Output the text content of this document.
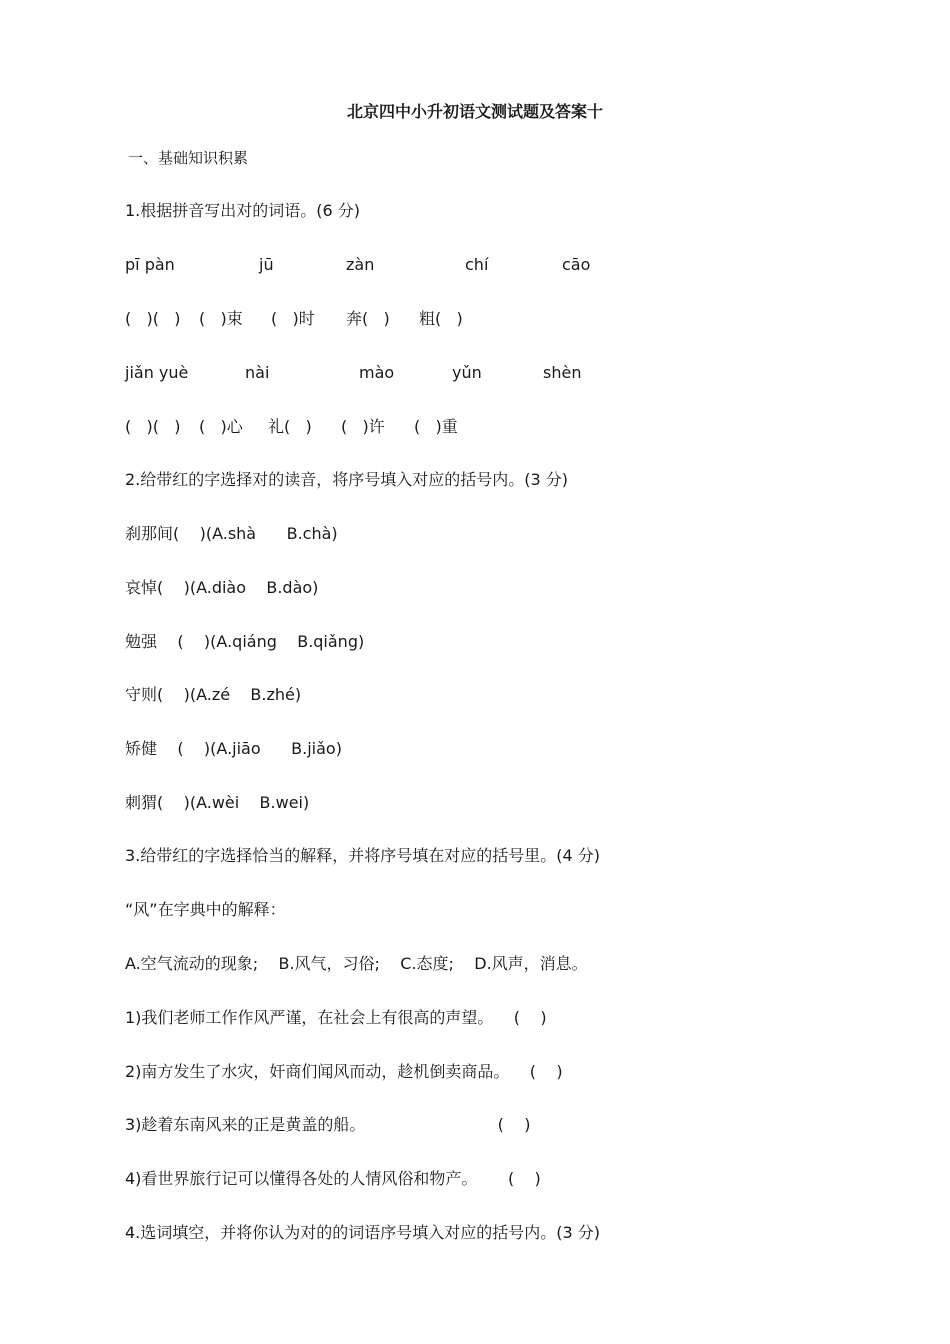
北京四中小升初语文测试题及答案十
一、基础知识积累
1.根据拼音写出对的词语。(6 分)
pī pàn	jū	zàn	chí	cāo
(   )(   ) (   )束 (   )时 奔(   ) 粗(   )
jiǎn yuè	nài	mào	yǔn	shèn
(   )(   ) (   )心 礼(   ) (   )许 (   )重
2.给带红的字选择对的读音，将序号填入对应的括号内。(3 分)
刹那间(    )(A.shà      B.chà)
哀悼(    )(A.diào    B.dào)
勉强    (    )(A.qiáng    B.qiǎng)
守则(    )(A.zé    B.zhé)
矫健    (    )(A.jiāo      B.jiǎo)
刺猬(    )(A.wèi    B.wei)
3.给带红的字选择恰当的解释，并将序号填在对应的括号里。(4 分)
“风”在字典中的解释：
A.空气流动的现象;    B.风气，习俗;    C.态度;    D.风声，消息。
1)我们老师工作作风严谨，在社会上有很高的声望。    (    )
2)南方发生了水灾，奸商们闻风而动，趁机倒卖商品。    (    )
3)趁着东南风来的正是黄盖的船。                          (    )
4)看世界旅行记可以懂得各处的人情风俗和物产。      (    )
4.选词填空，并将你认为对的的词语序号填入对应的括号内。(3 分)
